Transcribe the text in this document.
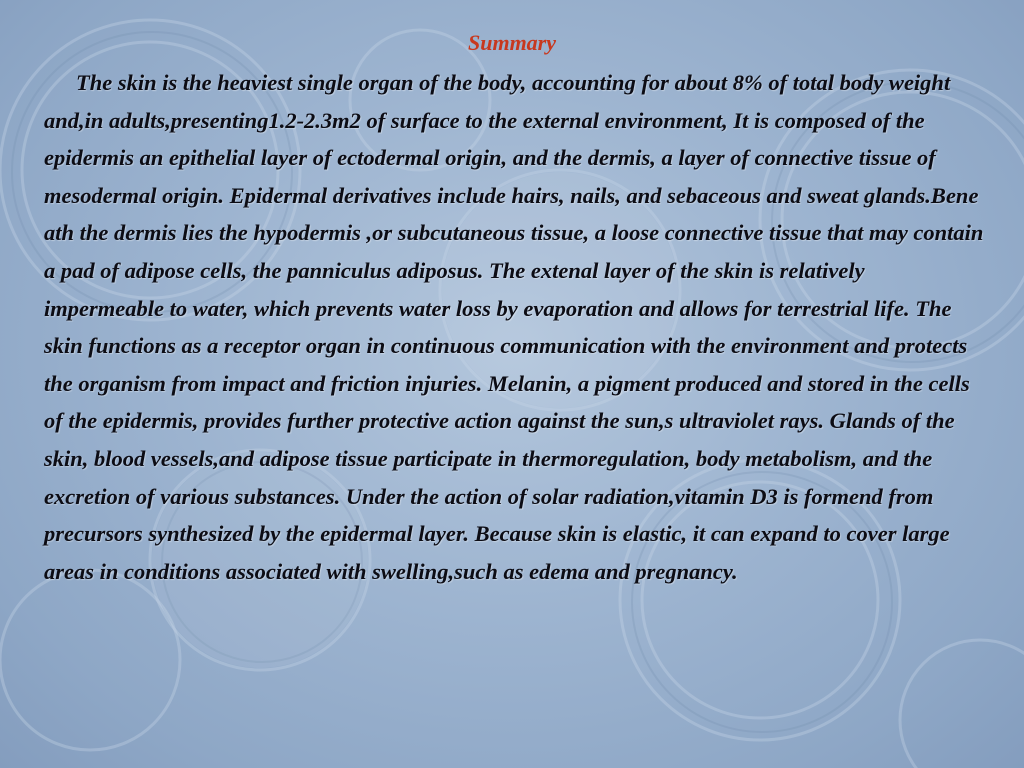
Summary

The skin is the heaviest single organ of the body, accounting for about 8% of total body weight and,in adults,presenting1.2-2.3m2 of surface to the external environment, It is composed of the epidermis an epithelial layer of ectodermal origin, and the dermis, a layer of connective tissue of mesodermal origin. Epidermal derivatives include hairs, nails, and sebaceous and sweat glands.Bene ath the dermis lies the hypodermis ,or subcutaneous tissue, a loose connective tissue that may contain a pad of adipose cells, the panniculus adiposus. The extenal layer of the skin is relatively impermeable to water, which prevents water loss by evaporation and allows for terrestrial life. The skin functions as a receptor organ in continuous communication with the environment and protects the organism from impact and friction injuries. Melanin, a pigment produced and stored in the cells of the epidermis, provides further protective action against the sun,s ultraviolet rays. Glands of the skin, blood vessels,and adipose tissue participate in thermoregulation, body metabolism, and the excretion of various substances. Under the action of solar radiation,vitamin D3 is formend from precursors synthesized by the epidermal layer. Because skin is elastic, it can expand to cover large areas in conditions associated with swelling,such as edema and pregnancy.
